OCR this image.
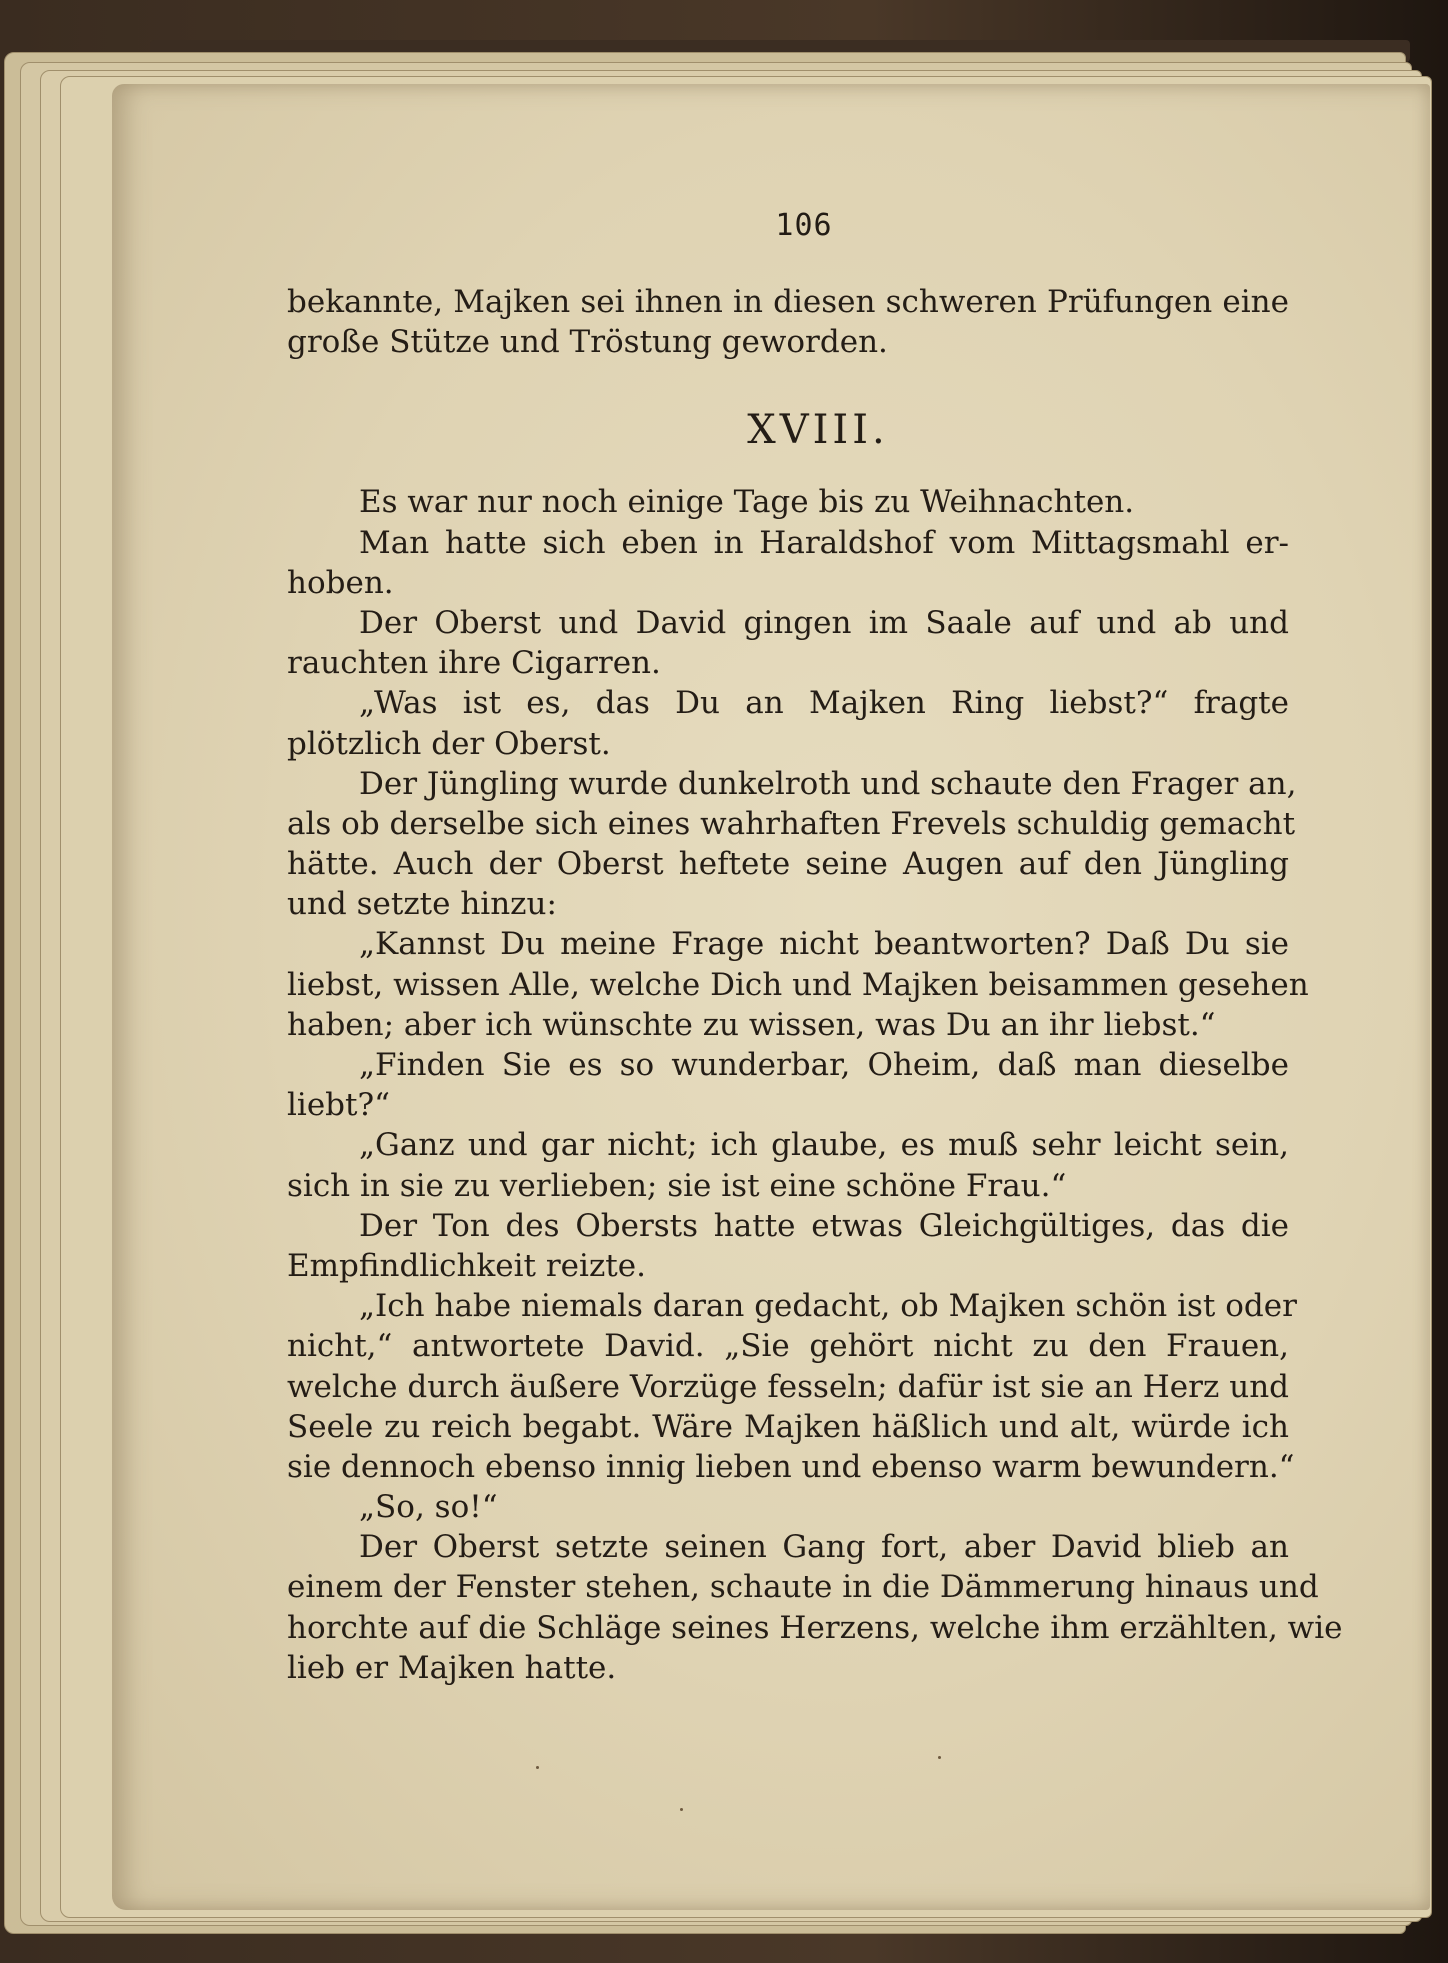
106
bekannte, Majken sei ihnen in diesen schweren Prüfungen eine
große Stütze und Tröstung geworden.
XVIII.
Es war nur noch einige Tage bis zu Weihnachten.
Man hatte sich eben in Haraldshof vom Mittagsmahl er-
hoben.
Der Oberst und David gingen im Saale auf und ab und
rauchten ihre Cigarren.
„Was ist es, das Du an Majken Ring liebst?“ fragte
plötzlich der Oberst.
Der Jüngling wurde dunkelroth und schaute den Frager an,
als ob derselbe sich eines wahrhaften Frevels schuldig gemacht
hätte. Auch der Oberst heftete seine Augen auf den Jüngling
und setzte hinzu:
„Kannst Du meine Frage nicht beantworten? Daß Du sie
liebst, wissen Alle, welche Dich und Majken beisammen gesehen
haben; aber ich wünschte zu wissen, was Du an ihr liebst.“
„Finden Sie es so wunderbar, Oheim, daß man dieselbe
liebt?“
„Ganz und gar nicht; ich glaube, es muß sehr leicht sein,
sich in sie zu verlieben; sie ist eine schöne Frau.“
Der Ton des Obersts hatte etwas Gleichgültiges, das die
Empfindlichkeit reizte.
„Ich habe niemals daran gedacht, ob Majken schön ist oder
nicht,“ antwortete David. „Sie gehört nicht zu den Frauen,
welche durch äußere Vorzüge fesseln; dafür ist sie an Herz und
Seele zu reich begabt. Wäre Majken häßlich und alt, würde ich
sie dennoch ebenso innig lieben und ebenso warm bewundern.“
„So, so!“
Der Oberst setzte seinen Gang fort, aber David blieb an
einem der Fenster stehen, schaute in die Dämmerung hinaus und
horchte auf die Schläge seines Herzens, welche ihm erzählten, wie
lieb er Majken hatte.
